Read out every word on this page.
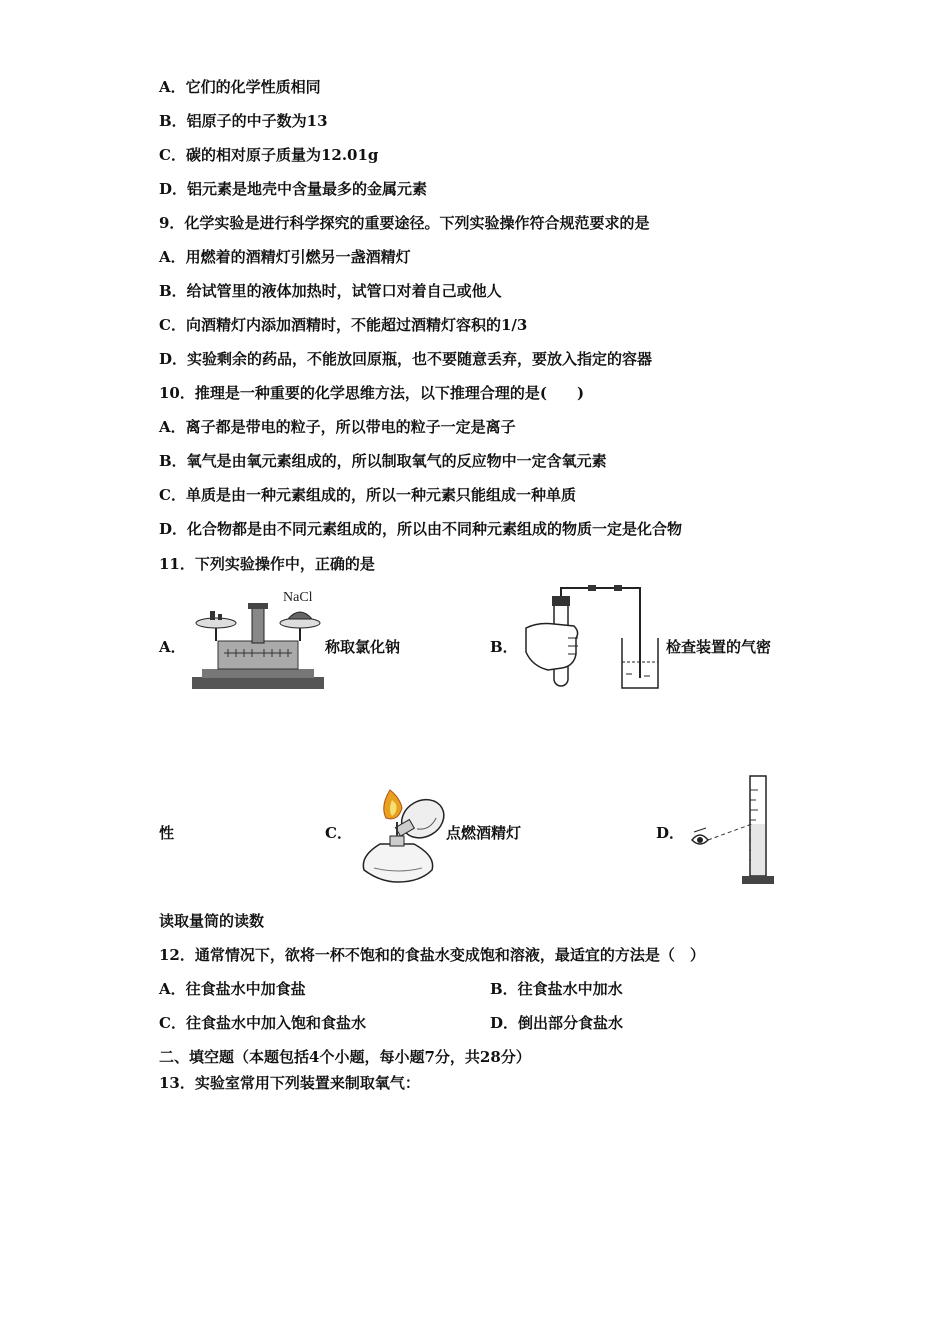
A．它们的化学性质相同
B．铝原子的中子数为13
C．碳的相对原子质量为12.01g
D．铝元素是地壳中含量最多的金属元素
9．化学实验是进行科学探究的重要途径。下列实验操作符合规范要求的是
A．用燃着的酒精灯引燃另一盏酒精灯
B．给试管里的液体加热时，试管口对着自己或他人
C．向酒精灯内添加酒精时，不能超过酒精灯容积的1/3
D．实验剩余的药品，不能放回原瓶，也不要随意丢弃，要放入指定的容器
10．推理是一种重要的化学思维方法，以下推理合理的是(　　)
A．离子都是带电的粒子，所以带电的粒子一定是离子
B．氧气是由氧元素组成的，所以制取氧气的反应物中一定含氧元素
C．单质是由一种元素组成的，所以一种元素只能组成一种单质
D．化合物都是由不同元素组成的，所以由不同种元素组成的物质一定是化合物
11．下列实验操作中，正确的是
A．
NaCl
称取氯化钠	B．	检查装置的气密
性	C．	点燃酒精灯	D．
读取量筒的读数
12．通常情况下，欲将一杯不饱和的食盐水变成饱和溶液，最适宜的方法是（　）
A．往食盐水中加食盐	B．往食盐水中加水
C．往食盐水中加入饱和食盐水	D．倒出部分食盐水
二、填空题（本题包括4个小题，每小题7分，共28分）
13．实验室常用下列装置来制取氧气：
